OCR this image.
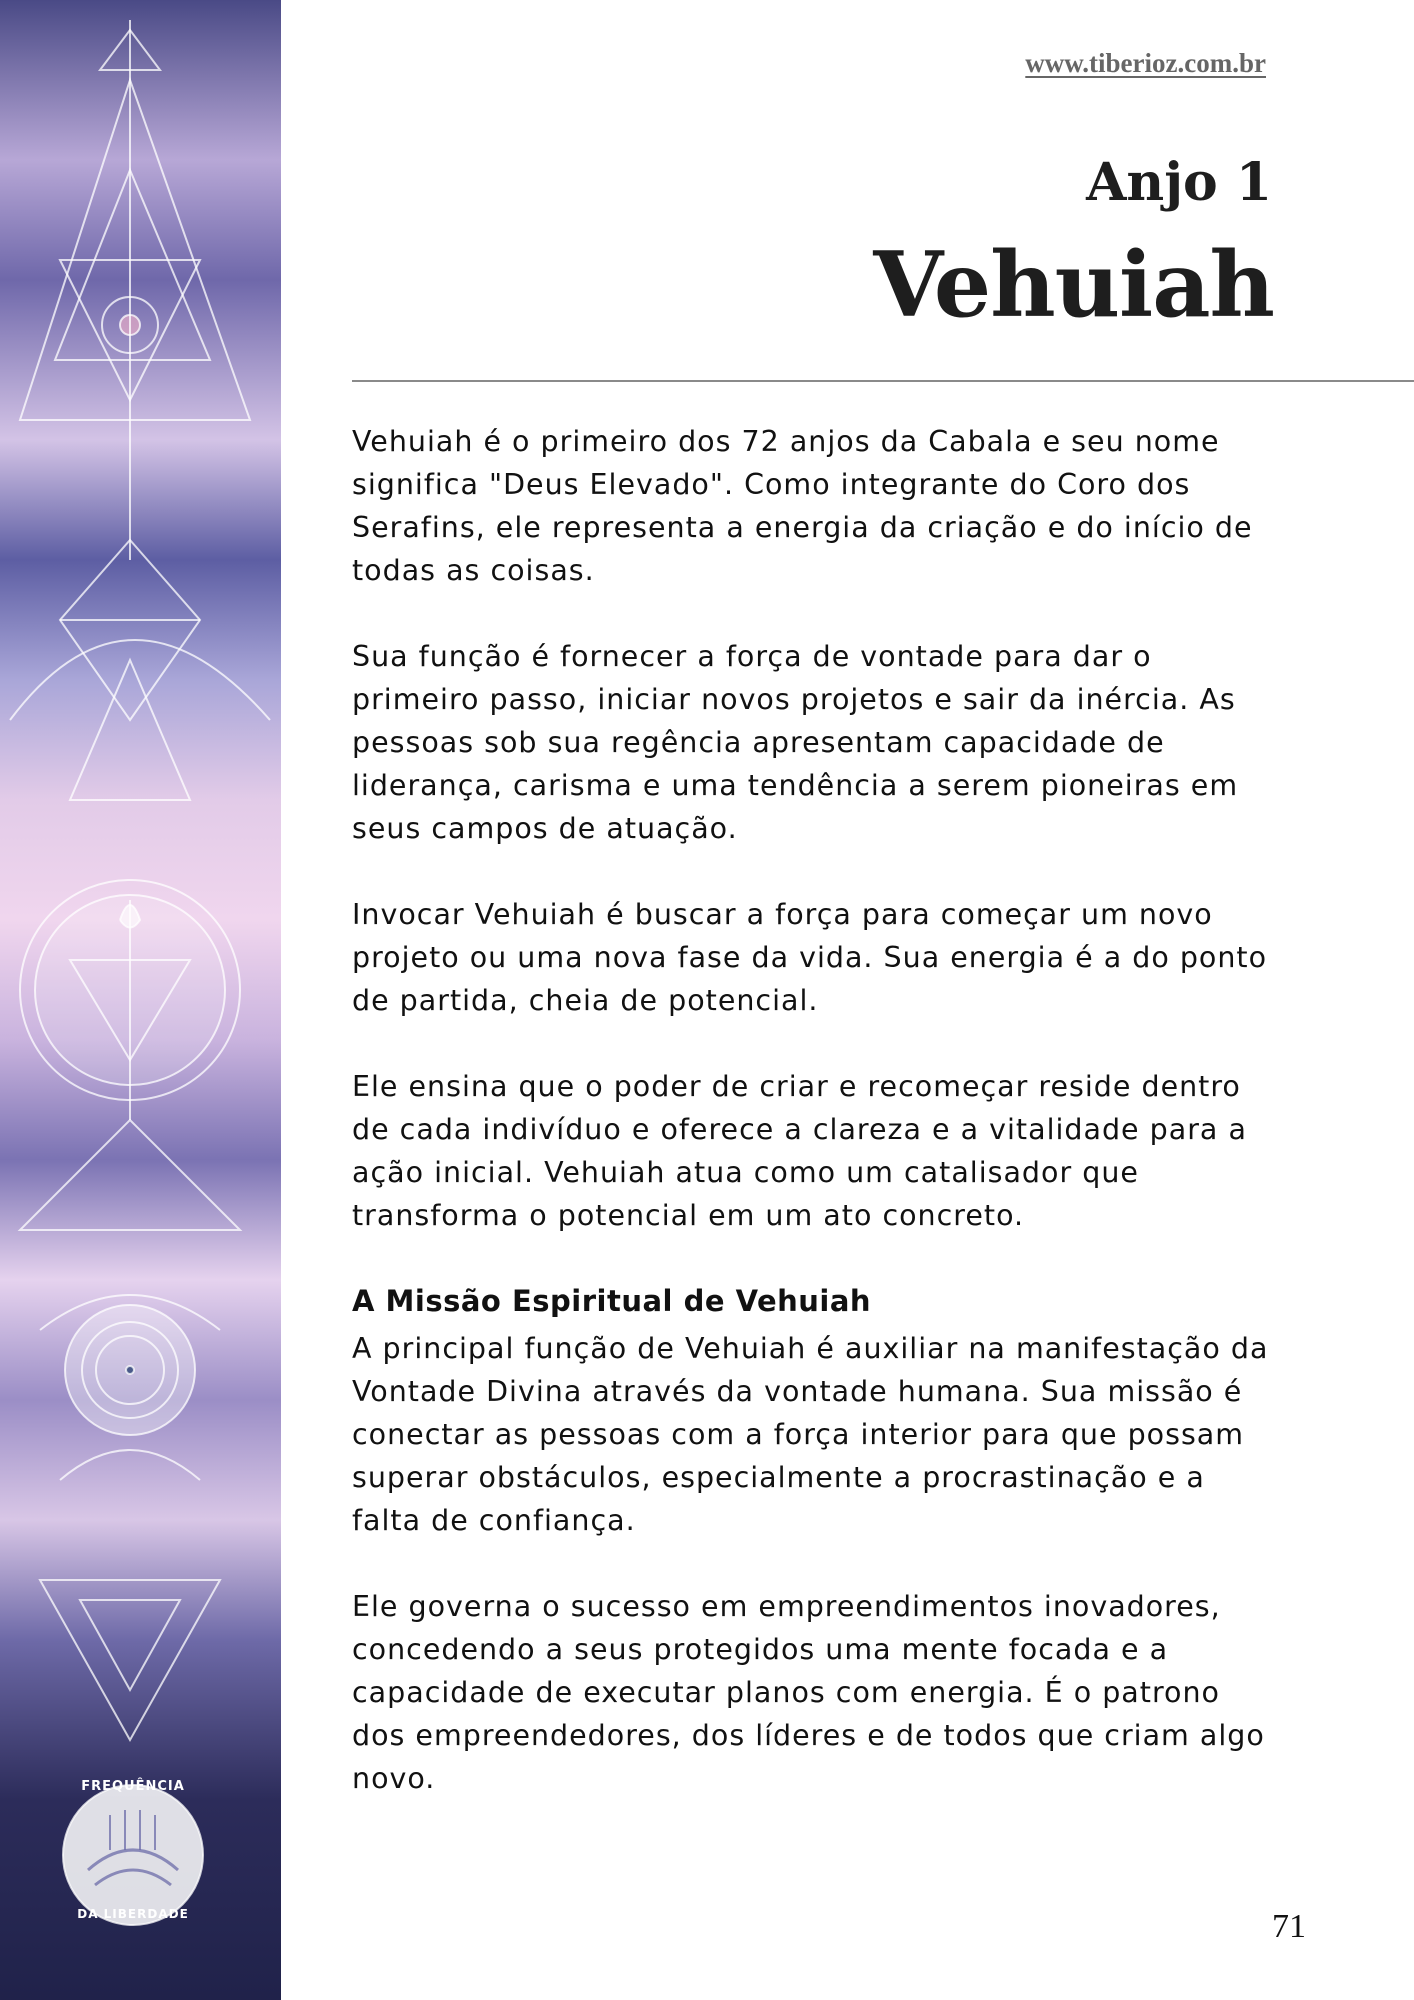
FREQUÊNCIA
DA LIBERDADE
www.tiberioz.com.br
Anjo 1
Vehuiah

Vehuiah é o primeiro dos 72 anjos da Cabala e seu nome significa "Deus Elevado". Como integrante do Coro dos Serafins, ele representa a energia da criação e do início de todas as coisas.

Sua função é fornecer a força de vontade para dar o primeiro passo, iniciar novos projetos e sair da inércia. As pessoas sob sua regência apresentam capacidade de liderança, carisma e uma tendência a serem pioneiras em seus campos de atuação.

Invocar Vehuiah é buscar a força para começar um novo projeto ou uma nova fase da vida. Sua energia é a do ponto de partida, cheia de potencial.

Ele ensina que o poder de criar e recomeçar reside dentro de cada indivíduo e oferece a clareza e a vitalidade para a ação inicial. Vehuiah atua como um catalisador que transforma o potencial em um ato concreto.

A Missão Espiritual de Vehuiah

A principal função de Vehuiah é auxiliar na manifestação da Vontade Divina através da vontade humana. Sua missão é conectar as pessoas com a força interior para que possam superar obstáculos, especialmente a procrastinação e a falta de confiança.

Ele governa o sucesso em empreendimentos inovadores, concedendo a seus protegidos uma mente focada e a capacidade de executar planos com energia. É o patrono dos empreendedores, dos líderes e de todos que criam algo novo.

71
